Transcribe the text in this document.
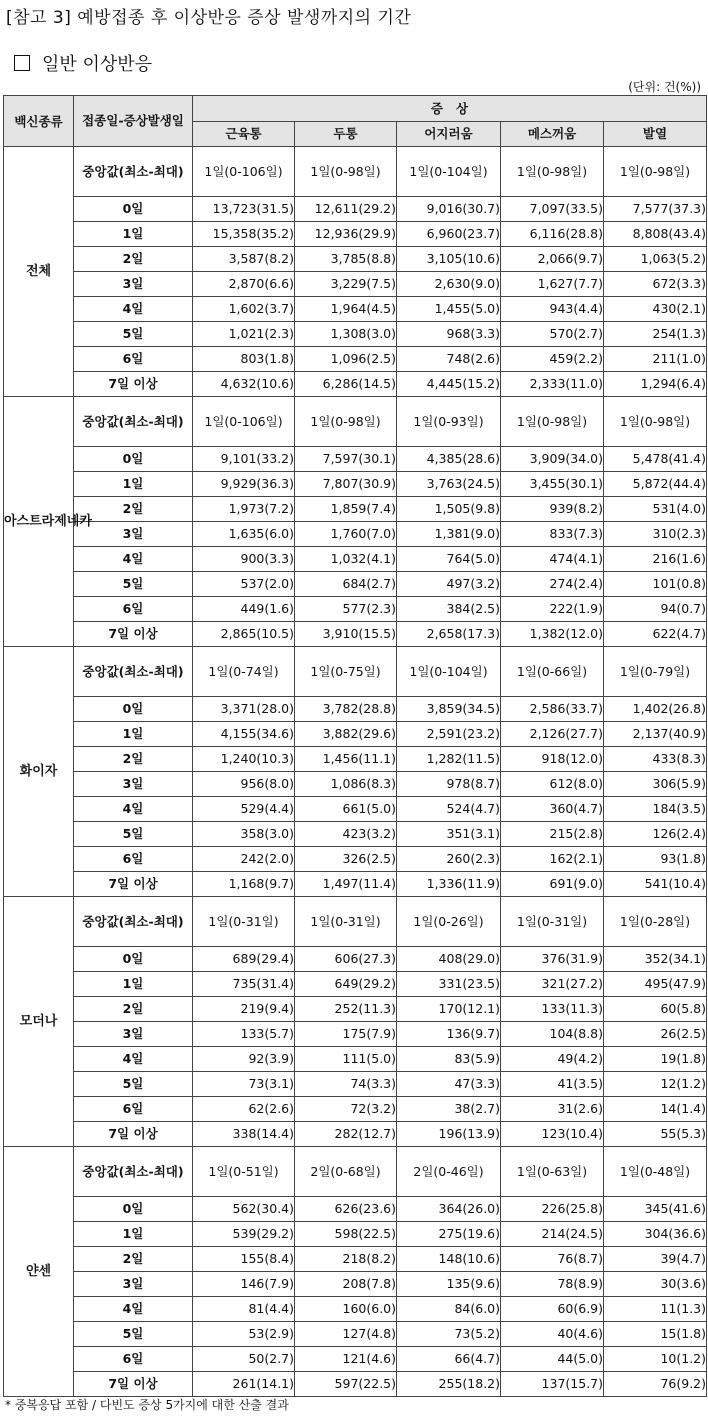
[참고 3] 예방접종 후 이상반응 증상 발생까지의 기간
일반 이상반응
(단위: 건(%))
백신종류	접종일-증상발생일	증   상				
		근육통	두통	어지러움	메스꺼움	발열
전체	중앙값(최소-최대)	1일(0-106일)	1일(0-98일)	1일(0-104일)	1일(0-98일)	1일(0-98일)
	0일	13,723(31.5)	12,611(29.2)	9,016(30.7)	7,097(33.5)	7,577(37.3)
	1일	15,358(35.2)	12,936(29.9)	6,960(23.7)	6,116(28.8)	8,808(43.4)
	2일	3,587(8.2)	3,785(8.8)	3,105(10.6)	2,066(9.7)	1,063(5.2)
	3일	2,870(6.6)	3,229(7.5)	2,630(9.0)	1,627(7.7)	672(3.3)
	4일	1,602(3.7)	1,964(4.5)	1,455(5.0)	943(4.4)	430(2.1)
	5일	1,021(2.3)	1,308(3.0)	968(3.3)	570(2.7)	254(1.3)
	6일	803(1.8)	1,096(2.5)	748(2.6)	459(2.2)	211(1.0)
	7일 이상	4,632(10.6)	6,286(14.5)	4,445(15.2)	2,333(11.0)	1,294(6.4)
아스트라제네카	중앙값(최소-최대)	1일(0-106일)	1일(0-98일)	1일(0-93일)	1일(0-98일)	1일(0-98일)
	0일	9,101(33.2)	7,597(30.1)	4,385(28.6)	3,909(34.0)	5,478(41.4)
	1일	9,929(36.3)	7,807(30.9)	3,763(24.5)	3,455(30.1)	5,872(44.4)
	2일	1,973(7.2)	1,859(7.4)	1,505(9.8)	939(8.2)	531(4.0)
	3일	1,635(6.0)	1,760(7.0)	1,381(9.0)	833(7.3)	310(2.3)
	4일	900(3.3)	1,032(4.1)	764(5.0)	474(4.1)	216(1.6)
	5일	537(2.0)	684(2.7)	497(3.2)	274(2.4)	101(0.8)
	6일	449(1.6)	577(2.3)	384(2.5)	222(1.9)	94(0.7)
	7일 이상	2,865(10.5)	3,910(15.5)	2,658(17.3)	1,382(12.0)	622(4.7)
화이자	중앙값(최소-최대)	1일(0-74일)	1일(0-75일)	1일(0-104일)	1일(0-66일)	1일(0-79일)
	0일	3,371(28.0)	3,782(28.8)	3,859(34.5)	2,586(33.7)	1,402(26.8)
	1일	4,155(34.6)	3,882(29.6)	2,591(23.2)	2,126(27.7)	2,137(40.9)
	2일	1,240(10.3)	1,456(11.1)	1,282(11.5)	918(12.0)	433(8.3)
	3일	956(8.0)	1,086(8.3)	978(8.7)	612(8.0)	306(5.9)
	4일	529(4.4)	661(5.0)	524(4.7)	360(4.7)	184(3.5)
	5일	358(3.0)	423(3.2)	351(3.1)	215(2.8)	126(2.4)
	6일	242(2.0)	326(2.5)	260(2.3)	162(2.1)	93(1.8)
	7일 이상	1,168(9.7)	1,497(11.4)	1,336(11.9)	691(9.0)	541(10.4)
모더나	중앙값(최소-최대)	1일(0-31일)	1일(0-31일)	1일(0-26일)	1일(0-31일)	1일(0-28일)
	0일	689(29.4)	606(27.3)	408(29.0)	376(31.9)	352(34.1)
	1일	735(31.4)	649(29.2)	331(23.5)	321(27.2)	495(47.9)
	2일	219(9.4)	252(11.3)	170(12.1)	133(11.3)	60(5.8)
	3일	133(5.7)	175(7.9)	136(9.7)	104(8.8)	26(2.5)
	4일	92(3.9)	111(5.0)	83(5.9)	49(4.2)	19(1.8)
	5일	73(3.1)	74(3.3)	47(3.3)	41(3.5)	12(1.2)
	6일	62(2.6)	72(3.2)	38(2.7)	31(2.6)	14(1.4)
	7일 이상	338(14.4)	282(12.7)	196(13.9)	123(10.4)	55(5.3)
얀센	중앙값(최소-최대)	1일(0-51일)	2일(0-68일)	2일(0-46일)	1일(0-63일)	1일(0-48일)
	0일	562(30.4)	626(23.6)	364(26.0)	226(25.8)	345(41.6)
	1일	539(29.2)	598(22.5)	275(19.6)	214(24.5)	304(36.6)
	2일	155(8.4)	218(8.2)	148(10.6)	76(8.7)	39(4.7)
	3일	146(7.9)	208(7.8)	135(9.6)	78(8.9)	30(3.6)
	4일	81(4.4)	160(6.0)	84(6.0)	60(6.9)	11(1.3)
	5일	53(2.9)	127(4.8)	73(5.2)	40(4.6)	15(1.8)
	6일	50(2.7)	121(4.6)	66(4.7)	44(5.0)	10(1.2)
	7일 이상	261(14.1)	597(22.5)	255(18.2)	137(15.7)	76(9.2)
* 중복응답 포함 / 다빈도 증상 5가지에 대한 산출 결과
